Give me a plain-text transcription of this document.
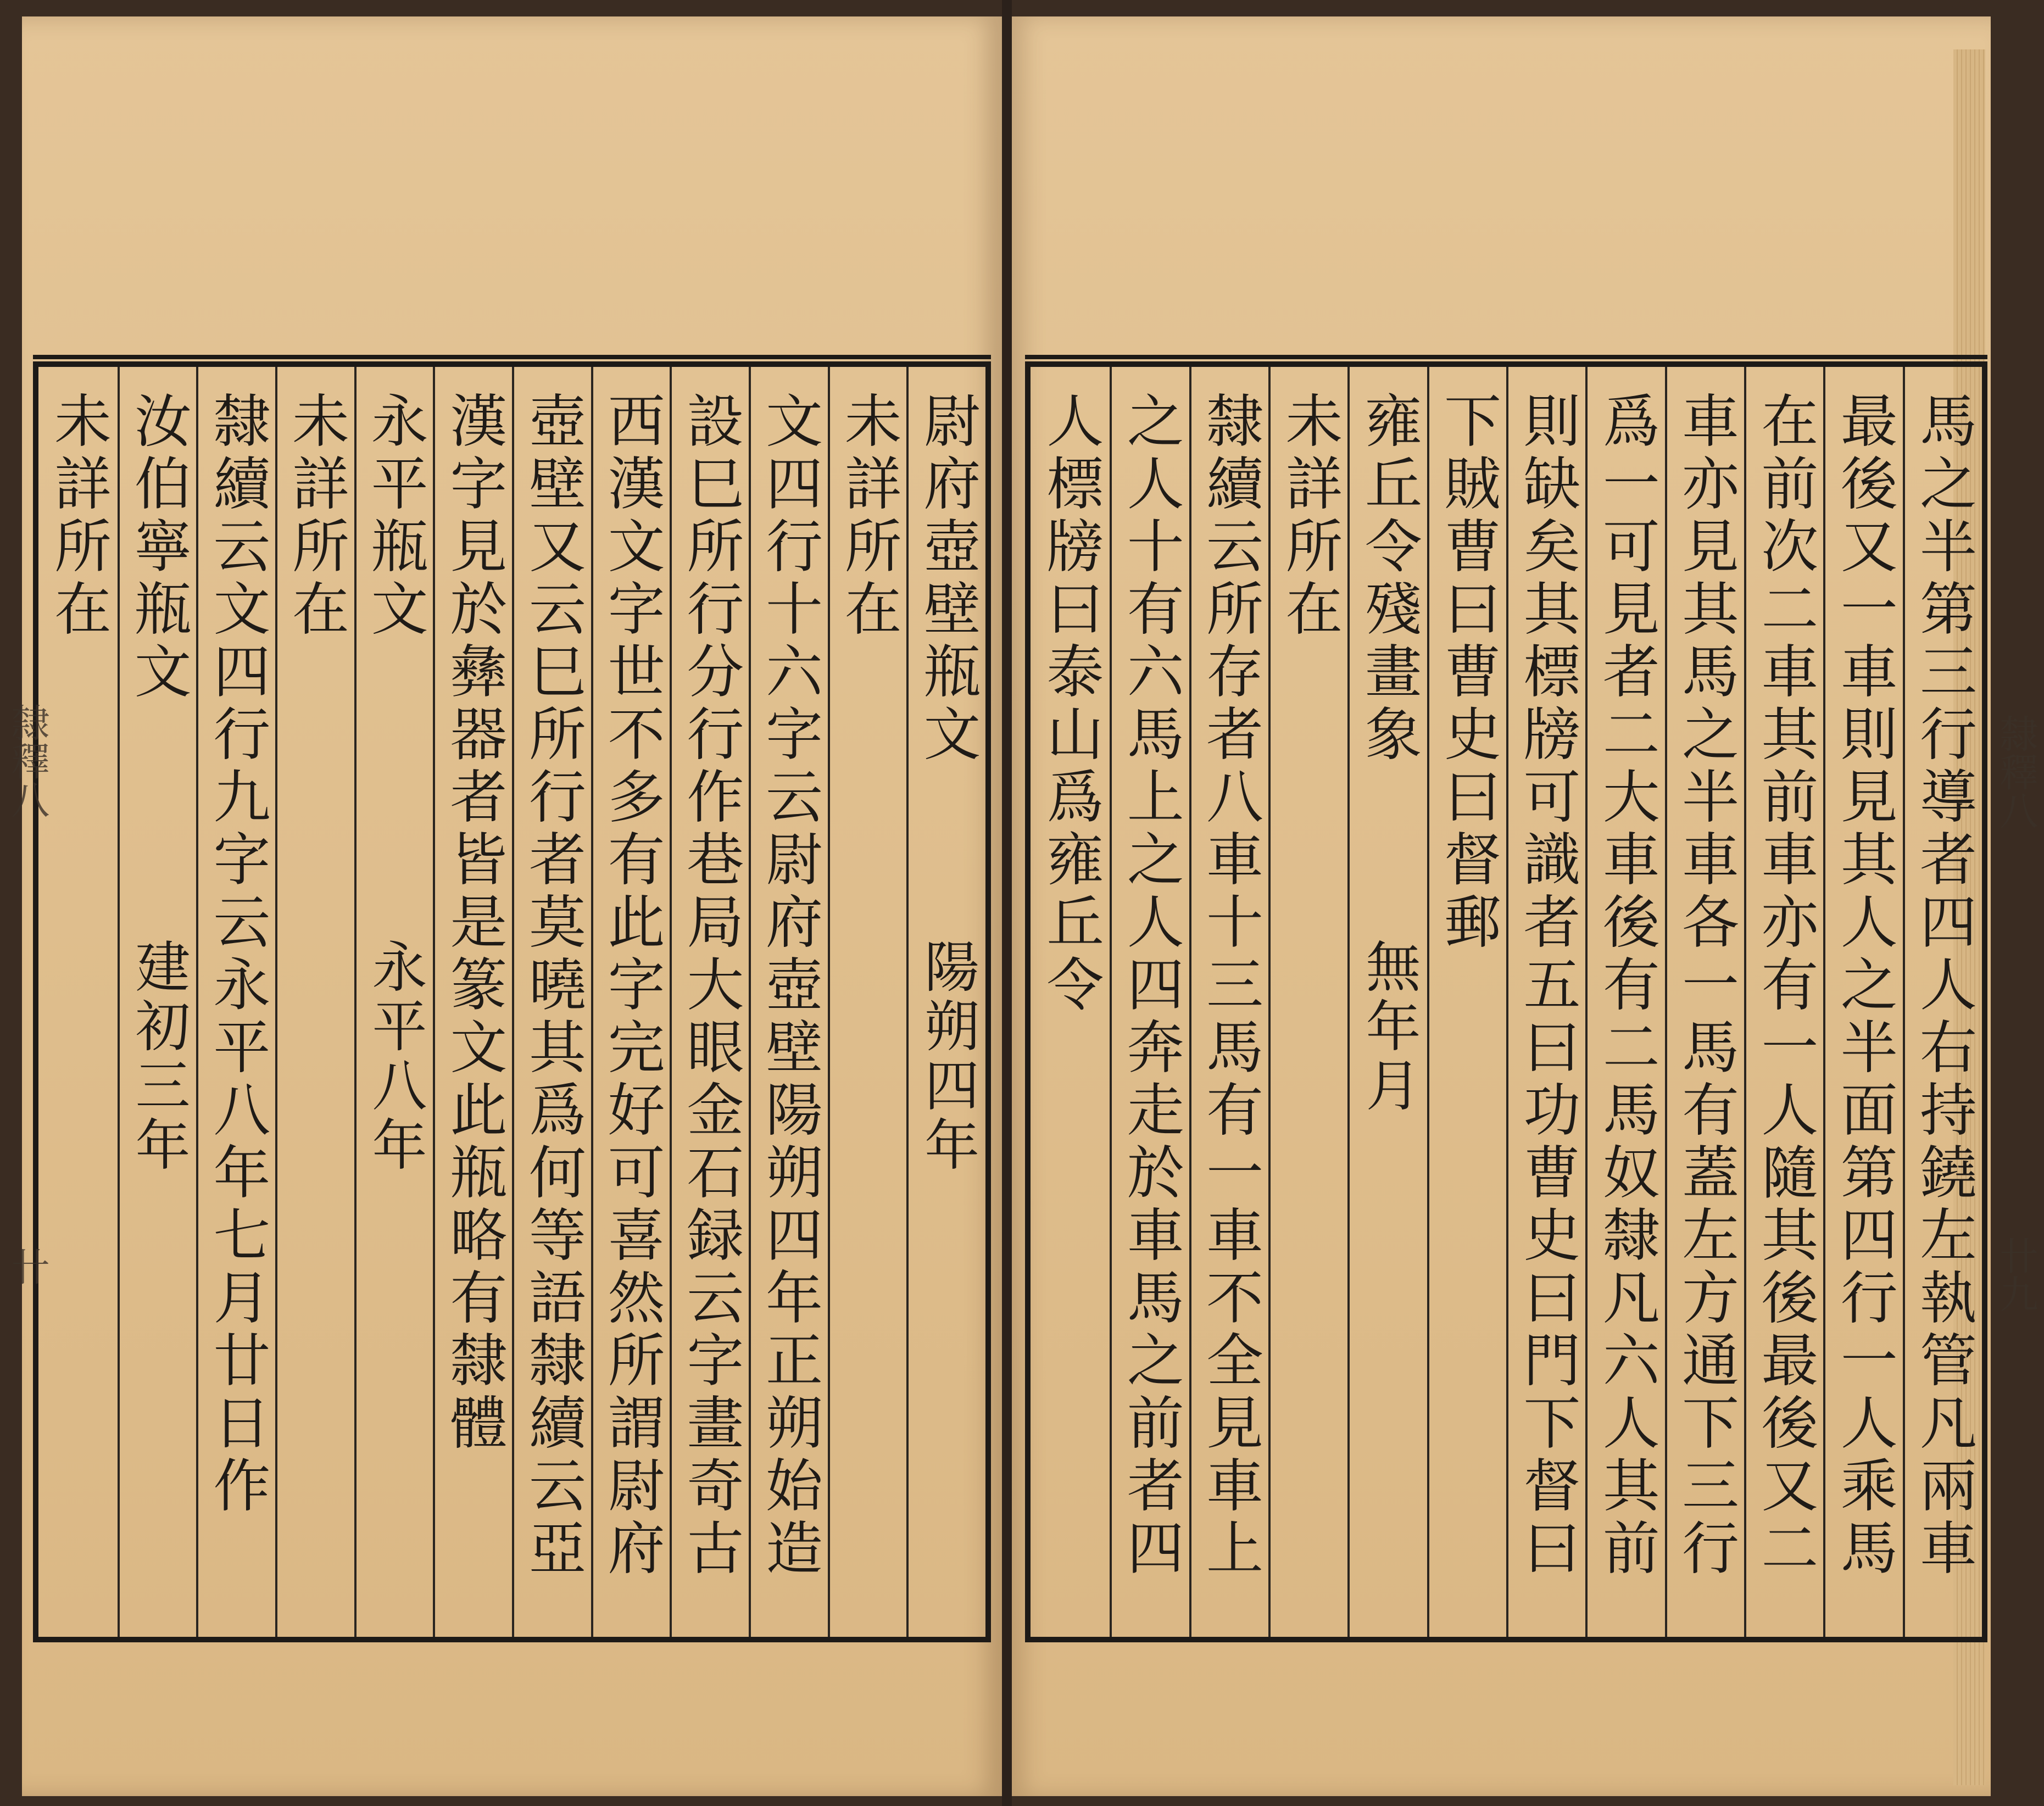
尉府壺壁瓶文
陽朔四年
未詳所在
文四行十六字云尉府壺壁陽朔四年正朔始造
設巳所行分行作巷局大眼金石録云字畫奇古
西漢文字世不多有此字完好可喜然所謂尉府
壺壁又云巳所行者莫曉其爲何等語隸續云亞
漢字見於彝器者皆是篆文此瓶略有隸體
永平瓶文
永平八年
未詳所在
隸續云文四行九字云永平八年七月廿日作
汝伯寧瓶文
建初三年
未詳所在	馬之半第三行導者四人右持鐃左執管凡兩車
最後又一車則見其人之半面第四行一人乘馬
在前次二車其前車亦有一人隨其後最後又二
車亦見其馬之半車各一馬有蓋左方通下三行
爲一可見者二大車後有二馬奴隸凡六人其前
則缺矣其標牓可識者五曰功曹史曰門下督曰
下賊曹曰曹史曰督郵
雍丘令殘畫象
無年月
未詳所在
隸續云所存者八車十三馬有一車不全見車上
之人十有六馬上之人四奔走於車馬之前者四
人標牓曰泰山爲雍丘令
隸釋八
卄
隸釋八
卄九
